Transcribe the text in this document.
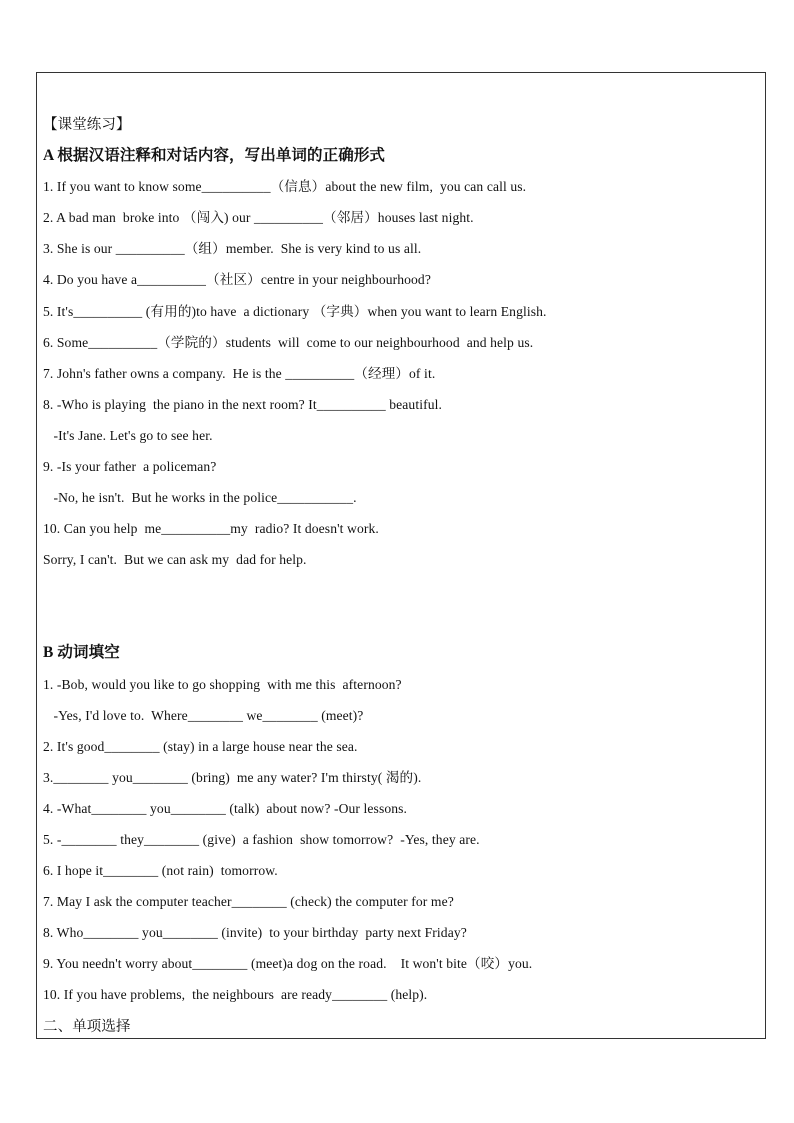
【课堂练习】
A 根据汉语注释和对话内容，写出单词的正确形式
1. If you want to know some__________（信息）about the new film,  you can call us.
2. A bad man  broke into （闯入) our __________（邻居）houses last night.
3. She is our __________（组）member.  She is very kind to us all.
4. Do you have a__________（社区）centre in your neighbourhood?
5. It's__________ (有用的)to have  a dictionary （字典）when you want to learn English.
6. Some__________（学院的）students  will  come to our neighbourhood  and help us.
7. John's father owns a company.  He is the __________（经理）of it.
8. -Who is playing  the piano in the next room? It__________ beautiful.
-It's Jane. Let's go to see her.
9. -Is your father  a policeman?
-No, he isn't.  But he works in the police___________.
10. Can you help  me__________my  radio? It doesn't work.
Sorry, I can't.  But we can ask my  dad for help.
B 动词填空
1. -Bob, would you like to go shopping  with me this  afternoon?
-Yes, I'd love to.  Where________ we________ (meet)?
2. It's good________ (stay) in a large house near the sea.
3.________ you________ (bring)  me any water? I'm thirsty( 渴的).
4. -What________ you________ (talk)  about now? -Our lessons.
5. -________ they________ (give)  a fashion  show tomorrow?  -Yes, they are.
6. I hope it________ (not rain)  tomorrow.
7. May I ask the computer teacher________ (check) the computer for me?
8. Who________ you________ (invite)  to your birthday  party next Friday?
9. You needn't worry about________ (meet)a dog on the road.    It won't bite（咬）you.
10. If you have problems,  the neighbours  are ready________ (help).
二、单项选择
